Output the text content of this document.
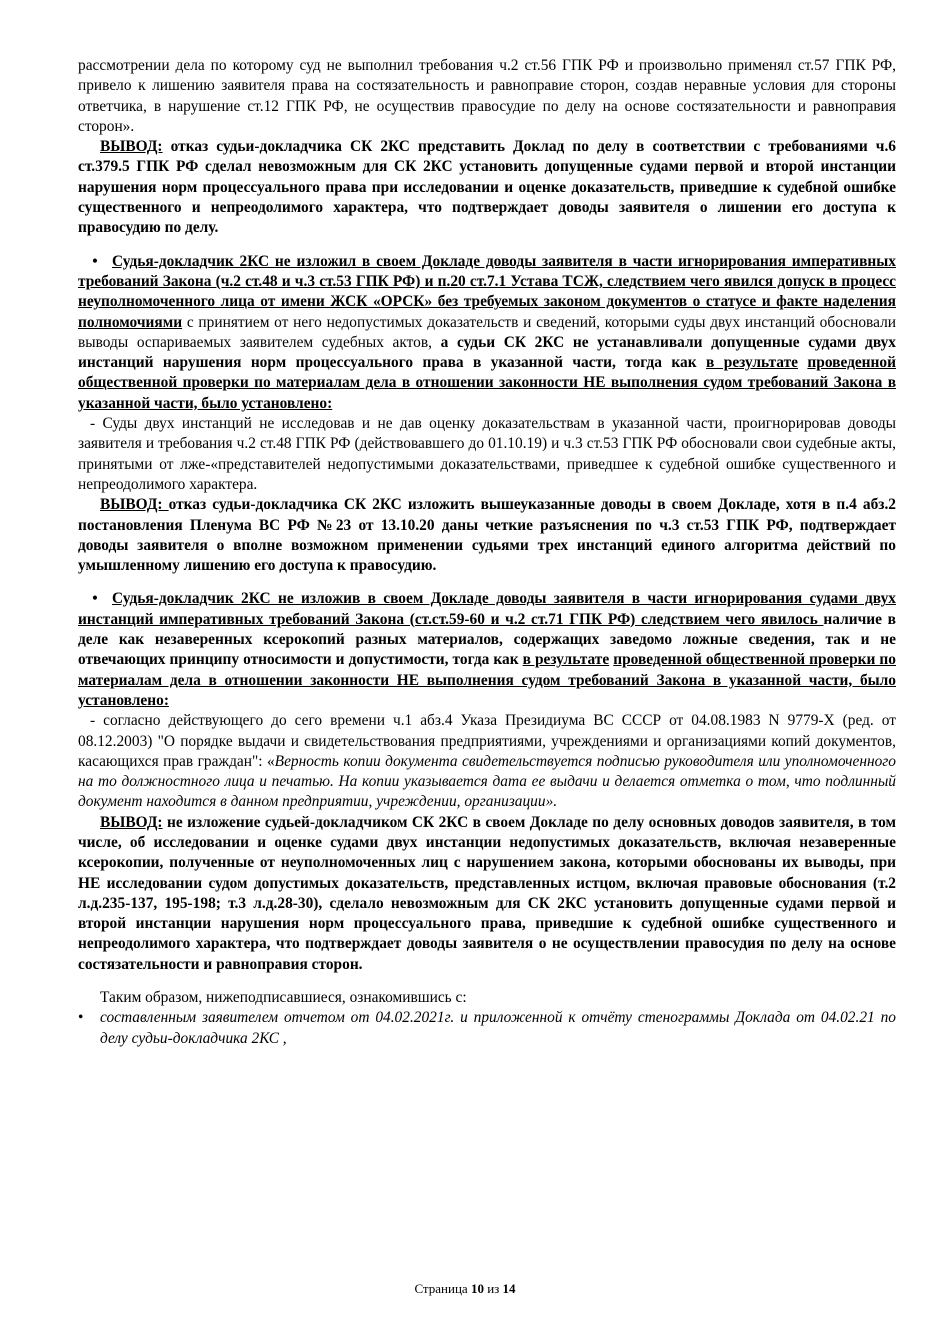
рассмотрении дела по которому суд не выполнил требования ч.2 ст.56 ГПК РФ и произвольно применял ст.57 ГПК РФ, привело к лишению заявителя права на состязательность и равноправие сторон, создав неравные условия для стороны ответчика, в нарушение ст.12 ГПК РФ, не осуществив правосудие по делу на основе состязательности и равноправия сторон».

ВЫВОД: отказ судьи-докладчика СК 2КС представить Доклад по делу в соответствии с требованиями ч.6 ст.379.5 ГПК РФ сделал невозможным для СК 2КС установить допущенные судами первой и второй инстанции нарушения норм процессуального права при исследовании и оценке доказательств, приведшие к судебной ошибке существенного и непреодолимого характера, что подтверждает доводы заявителя о лишении его доступа к правосудию по делу.

• Судья-докладчик 2КС не изложил в своем Докладе доводы заявителя в части игнорирования императивных требований Закона (ч.2 ст.48 и ч.3 ст.53 ГПК РФ) и п.20 ст.7.1 Устава ТСЖ, следствием чего явился допуск в процесс неуполномоченного лица от имени ЖСК «ОРСК» без требуемых законом документов о статусе и факте наделения полномочиями с принятием от него недопустимых доказательств и сведений, которыми суды двух инстанций обосновали выводы оспариваемых заявителем судебных актов, а судьи СК 2КС не устанавливали допущенные судами двух инстанций нарушения норм процессуального права в указанной части, тогда как в результате проведенной общественной проверки по материалам дела в отношении законности НЕ выполнения судом требований Закона в указанной части, было установлено:

- Суды двух инстанций не исследовав и не дав оценку доказательствам в указанной части, проигнорировав доводы заявителя и требования ч.2 ст.48 ГПК РФ (действовавшего до 01.10.19) и ч.3 ст.53 ГПК РФ обосновали свои судебные акты, принятыми от лже-«представителей недопустимыми доказательствами, приведшее к судебной ошибке существенного и непреодолимого характера.

ВЫВОД: отказ судьи-докладчика СК 2КС изложить вышеуказанные доводы в своем Докладе, хотя в п.4 абз.2 постановления Пленума ВС РФ №23 от 13.10.20 даны четкие разъяснения по ч.3 ст.53 ГПК РФ, подтверждает доводы заявителя о вполне возможном применении судьями трех инстанций единого алгоритма действий по умышленному лишению его доступа к правосудию.

• Судья-докладчик 2КС не изложив в своем Докладе доводы заявителя в части игнорирования судами двух инстанций императивных требований Закона (ст.ст.59-60 и ч.2 ст.71 ГПК РФ) следствием чего явилось наличие в деле как незаверенных ксерокопий разных материалов, содержащих заведомо ложные сведения, так и не отвечающих принципу относимости и допустимости, тогда как в результате проведенной общественной проверки по материалам дела в отношении законности НЕ выполнения судом требований Закона в указанной части, было установлено:

- согласно действующего до сего времени ч.1 абз.4 Указа Президиума ВС СССР от 04.08.1983 N 9779-X (ред. от 08.12.2003) "О порядке выдачи и свидетельствования предприятиями, учреждениями и организациями копий документов, касающихся прав граждан": «Верность копии документа свидетельствуется подписью руководителя или уполномоченного на то должностного лица и печатью. На копии указывается дата ее выдачи и делается отметка о том, что подлинный документ находится в данном предприятии, учреждении, организации».

ВЫВОД: не изложение судьей-докладчиком СК 2КС в своем Докладе по делу основных доводов заявителя, в том числе, об исследовании и оценке судами двух инстанции недопустимых доказательств, включая незаверенные ксерокопии, полученные от неуполномоченных лиц с нарушением закона, которыми обоснованы их выводы, при НЕ исследовании судом допустимых доказательств, представленных истцом, включая правовые обоснования (т.2 л.д.235-137, 195-198; т.3 л.д.28-30), сделало невозможным для СК 2КС установить допущенные судами первой и второй инстанции нарушения норм процессуального права, приведшие к судебной ошибке существенного и непреодолимого характера, что подтверждает доводы заявителя о не осуществлении правосудия по делу на основе состязательности и равноправия сторон.

Таким образом, нижеподписавшиеся, ознакомившись с:

• составленным заявителем отчетом от 04.02.2021г. и приложенной к отчёту стенограммы Доклада от 04.02.21 по делу судьи-докладчика 2КС ,

Страница 10 из 14
